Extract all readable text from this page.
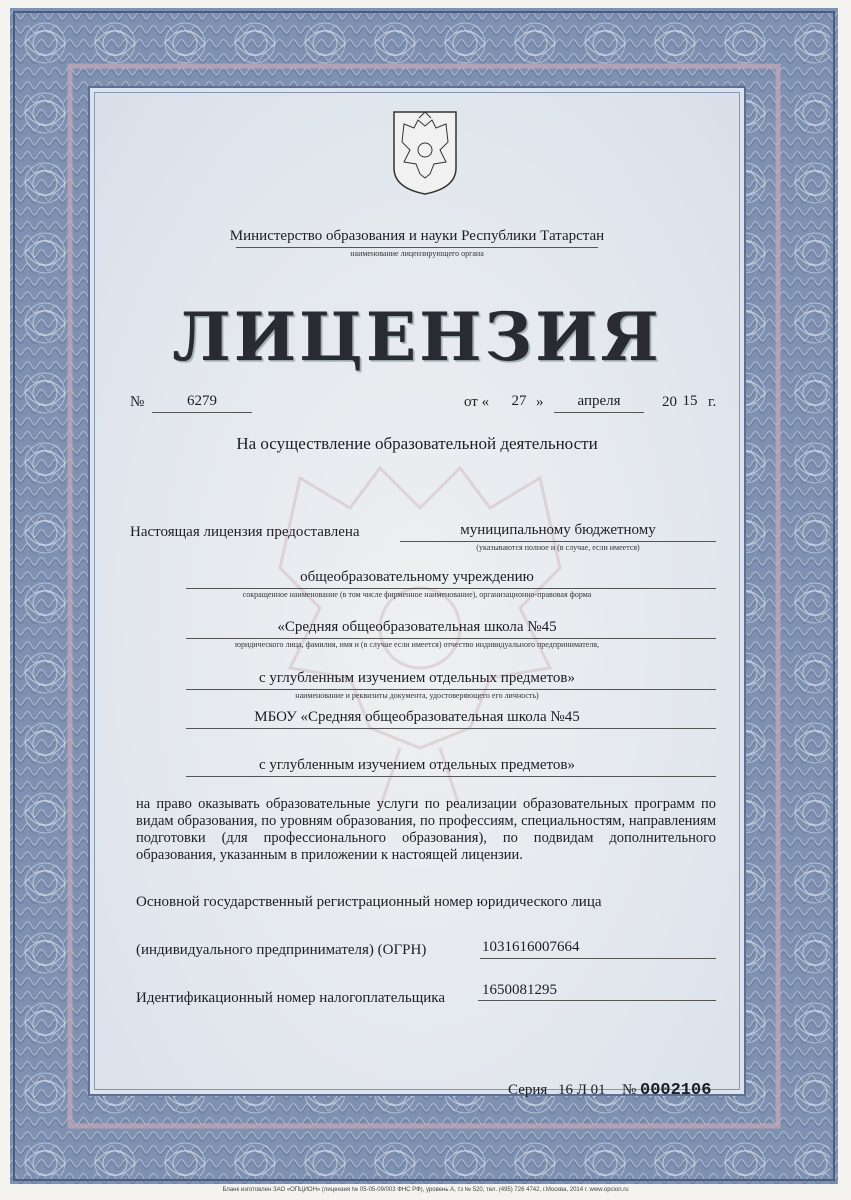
Министерство образования и науки Республики Татарстан
наименование лицензирующего органа
ЛИЦЕНЗИЯ
№	6279	от «	27 »	апреля	20 15 г.
На осуществление образовательной деятельности
Настоящая лицензия предоставлена	муниципальному бюджетному
(указываются полное и (в случае, если имеется)
общеобразовательному учреждению
сокращенное наименование (в том числе фирменное наименование), организационно-правовая форма
«Средняя общеобразовательная школа №45
юридического лица, фамилия, имя и (в случае если имеется) отчество индивидуального предпринимателя,
с углубленным изучением отдельных предметов»
наименование и реквизиты документа, удостоверяющего его личность)
МБОУ «Средняя общеобразовательная школа №45
с углубленным изучением отдельных предметов»
на право оказывать образовательные услуги по реализации образовательных программ по видам образования, по уровням образования, по профессиям, специальностям, направлениям подготовки (для профессионального образования), по подвидам дополнительного образования, указанным в приложении к настоящей лицензии.
Основной государственный регистрационный номер юридического лица
(индивидуального предпринимателя) (ОГРН)	1031616007664
Идентификационный номер налогоплательщика 1650081295
Серия 16 Л 01 № 0002106
Бланк изготовлен ЗАО «ОПЦИОН» (лицензия № 05-05-09/003 ФНС РФ), уровень А, тз № 520, тел. (495) 726 4742, г.Москва, 2014 г. www.opcion.ru
